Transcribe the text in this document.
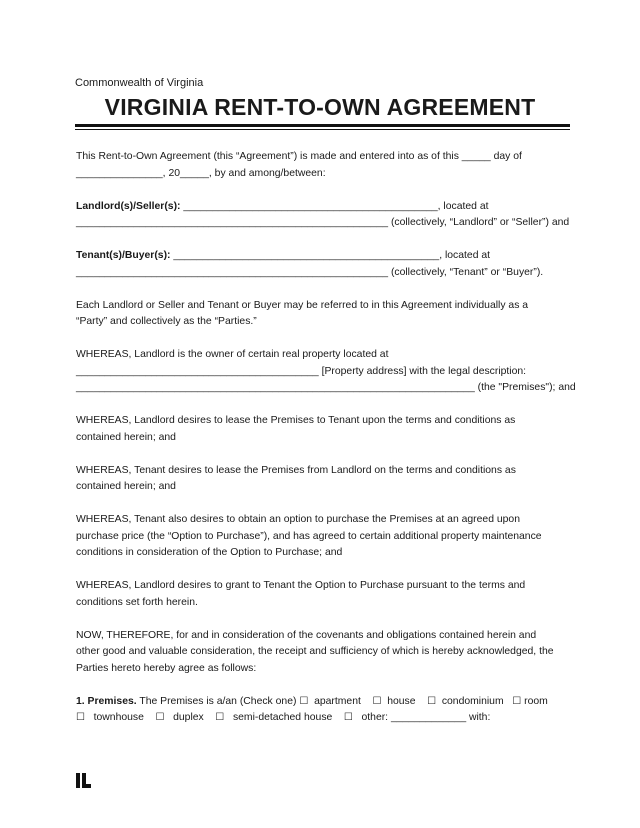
Commonwealth of Virginia
VIRGINIA RENT-TO-OWN AGREEMENT

This Rent-to-Own Agreement (this “Agreement”) is made and entered into as of this _____ day of
_______________, 20_____, by and among/between:

Landlord(s)/Seller(s): ____________________________________________, located at
______________________________________________________ (collectively, “Landlord” or “Seller”) and

Tenant(s)/Buyer(s): ______________________________________________, located at
______________________________________________________ (collectively, “Tenant” or “Buyer”).

Each Landlord or Seller and Tenant or Buyer may be referred to in this Agreement individually as a
“Party” and collectively as the “Parties.”

WHEREAS, Landlord is the owner of certain real property located at
__________________________________________ [Property address] with the legal description:
_____________________________________________________________________ (the "Premises"); and

WHEREAS, Landlord desires to lease the Premises to Tenant upon the terms and conditions as
contained herein; and

WHEREAS, Tenant desires to lease the Premises from Landlord on the terms and conditions as
contained herein; and

WHEREAS, Tenant also desires to obtain an option to purchase the Premises at an agreed upon
purchase price (the “Option to Purchase”), and has agreed to certain additional property maintenance
conditions in consideration of the Option to Purchase; and

WHEREAS, Landlord desires to grant to Tenant the Option to Purchase pursuant to the terms and
conditions set forth herein.

NOW, THEREFORE, for and in consideration of the covenants and obligations contained herein and
other good and valuable consideration, the receipt and sufficiency of which is hereby acknowledged, the
Parties hereto hereby agree as follows:

1. Premises. The Premises is a/an (Check one) ☐ apartment ☐ house ☐ condominium ☐ room
☐ townhouse ☐ duplex ☐ semi-detached house ☐ other: _____________ with:
